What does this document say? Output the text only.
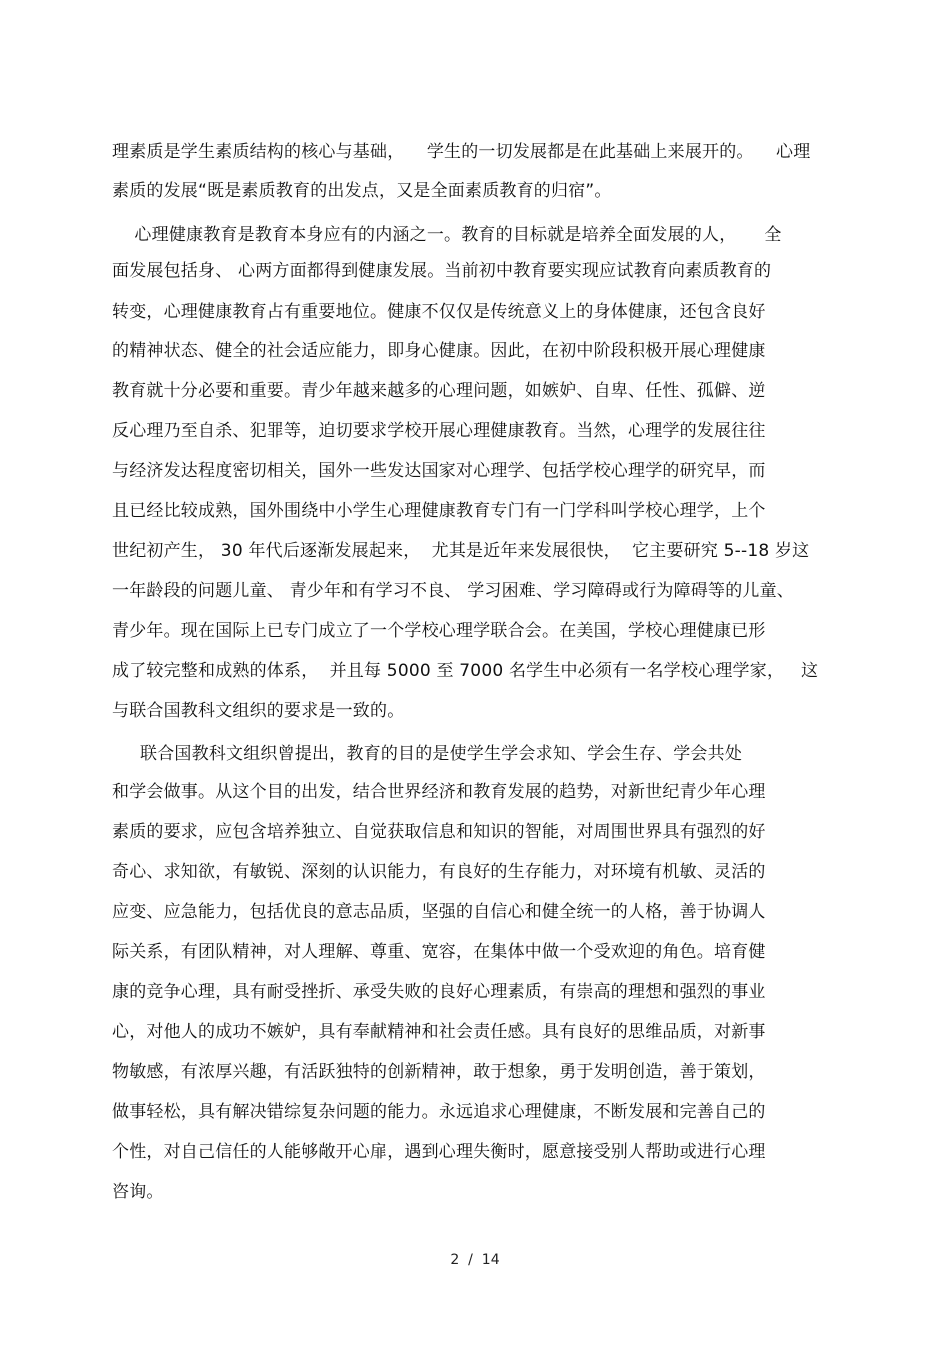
理素质是学生素质结构的核心与基础，    学生的一切发展都是在此基础上来展开的。    心理
素质的发展“既是素质教育的出发点，又是全面素质教育的归宿”。
心理健康教育是教育本身应有的内涵之一。教育的目标就是培养全面发展的人，     全
面发展包括身、 心两方面都得到健康发展。当前初中教育要实现应试教育向素质教育的
转变，心理健康教育占有重要地位。健康不仅仅是传统意义上的身体健康，还包含良好
的精神状态、健全的社会适应能力，即身心健康。因此，在初中阶段积极开展心理健康
教育就十分必要和重要。青少年越来越多的心理问题，如嫉妒、自卑、任性、孤僻、逆
反心理乃至自杀、犯罪等，迫切要求学校开展心理健康教育。当然，心理学的发展往往
与经济发达程度密切相关，国外一些发达国家对心理学、包括学校心理学的研究早，而
且已经比较成熟，国外围绕中小学生心理健康教育专门有一门学科叫学校心理学，上个
世纪初产生， 30 年代后逐渐发展起来，  尤其是近年来发展很快，  它主要研究 5--18 岁这
一年龄段的问题儿童、 青少年和有学习不良、 学习困难、学习障碍或行为障碍等的儿童、
青少年。现在国际上已专门成立了一个学校心理学联合会。在美国，学校心理健康已形
成了较完整和成熟的体系，  并且每 5000 至 7000 名学生中必须有一名学校心理学家，   这
与联合国教科文组织的要求是一致的。
联合国教科文组织曾提出，教育的目的是使学生学会求知、学会生存、学会共处
和学会做事。从这个目的出发，结合世界经济和教育发展的趋势，对新世纪青少年心理
素质的要求，应包含培养独立、自觉获取信息和知识的智能，对周围世界具有强烈的好
奇心、求知欲，有敏锐、深刻的认识能力，有良好的生存能力，对环境有机敏、灵活的
应变、应急能力，包括优良的意志品质，坚强的自信心和健全统一的人格，善于协调人
际关系，有团队精神，对人理解、尊重、宽容，在集体中做一个受欢迎的角色。培育健
康的竞争心理，具有耐受挫折、承受失败的良好心理素质，有崇高的理想和强烈的事业
心，对他人的成功不嫉妒，具有奉献精神和社会责任感。具有良好的思维品质，对新事
物敏感，有浓厚兴趣，有活跃独特的创新精神，敢于想象，勇于发明创造，善于策划，
做事轻松，具有解决错综复杂问题的能力。永远追求心理健康，不断发展和完善自己的
个性，对自己信任的人能够敞开心扉，遇到心理失衡时，愿意接受别人帮助或进行心理
咨询。
2  /  14
